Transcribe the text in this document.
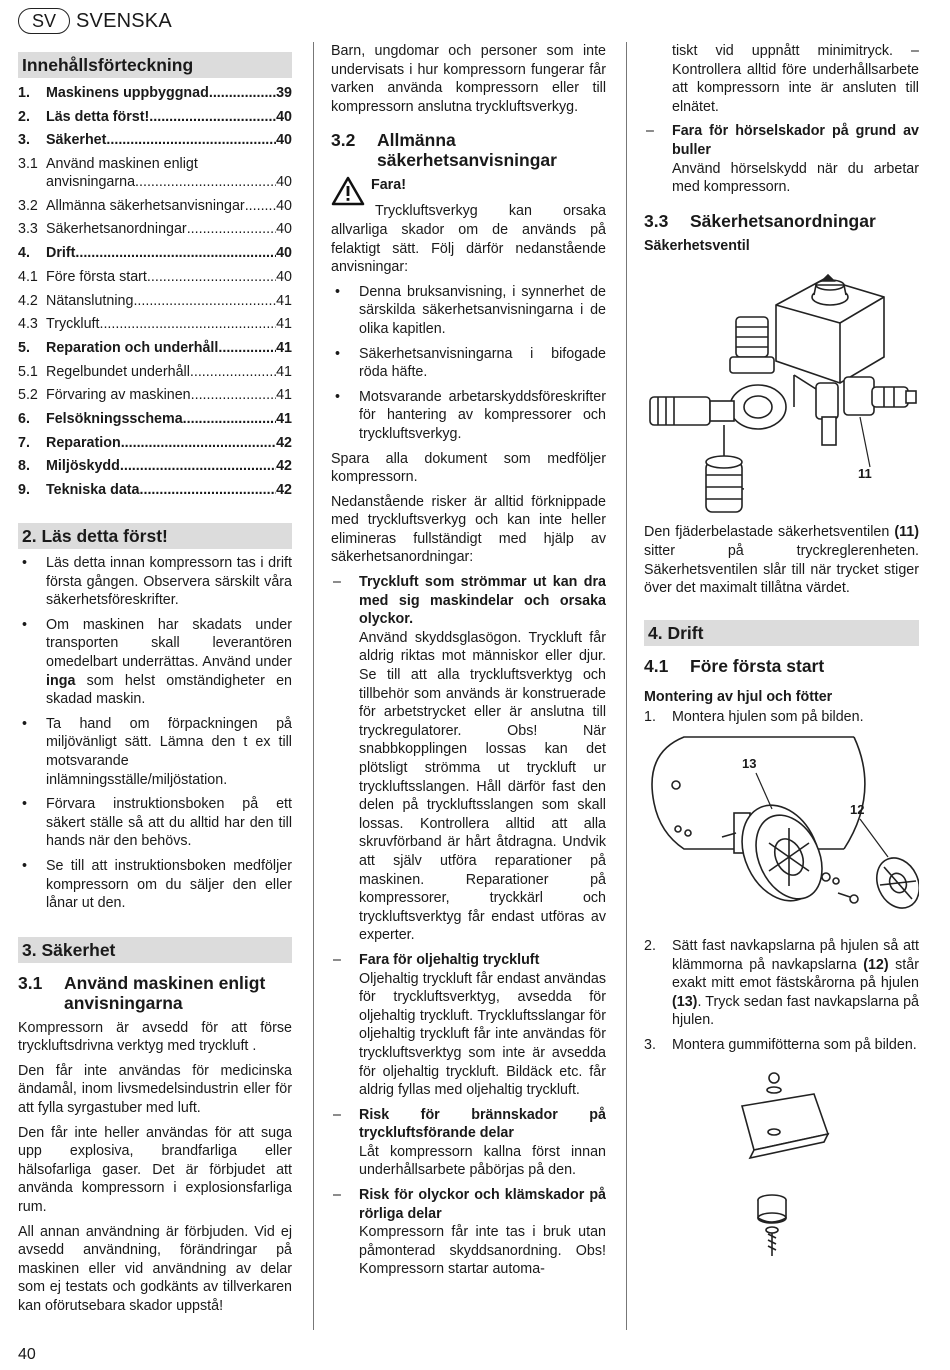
SV	SVENSKA
Innehållsförteckning
1.	Maskinens uppbyggnad .....	39
2.	Läs detta först! .....	40
3.	Säkerhet .....	40
3.1 Använd maskinen enligt
anvisningarna .....	40
3.2 Allmänna säkerhetsanvisningar ..... 40
3.3 Säkerhetsanordningar .....	40
4.	Drift .....	40
4.1 Före första start .....	40
4.2 Nätanslutning .....	41
4.3 Tryckluft .....	41
5.	Reparation och underhåll .....	41
5.1 Regelbundet underhåll .....	41
5.2 Förvaring av maskinen .....	41
6.	Felsökningsschema .....	41
7.	Reparation .....	42
8.	Miljöskydd .....	42
9.	Tekniska data .....	42
2. Läs detta först!
•	Läs detta innan kompressorn tas i drift första gången. Observera särskilt våra säkerhetsföreskrifter.
•	Om maskinen har skadats under transporten skall leverantören omedelbart underrättas. Använd under inga som helst omständigheter en skadad maskin.
•	Ta hand om förpackningen på miljövänligt sätt. Lämna den t ex till motsvarande inlämningsställe/miljöstation.
•	Förvara instruktionsboken på ett säkert ställe så att du alltid har den till hands när den behövs.
•	Se till att instruktionsboken medföljer kompressorn om du säljer den eller lånar ut den.
3. Säkerhet
3.1	Använd maskinen enligt anvisningarna

Kompressorn är avsedd för att förse tryckluftsdrivna verktyg med tryckluft .

Den får inte användas för medicinska ändamål, inom livsmedelsindustrin eller för att fylla syrgastuber med luft.

Den får inte heller användas för att suga upp explosiva, brandfarliga eller hälsofarliga gaser. Det är förbjudet att använda kompressorn i explosionsfarliga rum.

All annan användning är förbjuden. Vid ej avsedd användning, förändringar på maskinen eller vid användning av delar som ej testats och godkänts av tillverkaren kan oförutsebara skador uppstå!

Barn, ungdomar och personer som inte undervisats i hur kompressorn fungerar får varken använda kompressorn eller till kompressorn anslutna tryckluftsverkyg.

3.2	Allmänna säkerhetsanvisningar
Fara!

Tryckluftsverkyg kan orsaka allvarliga skador om de används på felaktigt sätt. Följ därför nedanstående anvisningar:

•	Denna bruksanvisning, i synnerhet de särskilda säkerhetsanvisningarna i de olika kapitlen.
•	Säkerhetsanvisningarna i bifogade röda häfte.
•	Motsvarande arbetarskyddsföreskrifter för hantering av kompressorer och tryckluftsverkyg.

Spara alla dokument som medföljer kompressorn.

Nedanstående risker är alltid förknippade med tryckluftsverkyg och kan inte heller elimineras fullständigt med hjälp av säkerhetsanordningar:

–	Tryckluft som strömmar ut kan dra med sig maskindelar och orsaka olyckor.
Använd skyddsglasögon. Tryckluft får aldrig riktas mot människor eller djur. Se till att alla tryckluftsverktyg och tillbehör som används är konstruerade för arbetstrycket eller är anslutna till tryckregulatorer. Obs! När snabbkopplingen lossas kan det plötsligt strömma ut tryckluft ur tryckluftsslangen. Håll därför fast den delen på tryckluftsslangen som skall lossas. Kontrollera alltid att alla skruvförband är hårt åtdragna. Undvik att själv utföra reparationer på maskinen. Reparationer på kompressorer, tryckkärl och tryckluftsverktyg får endast utföras av experter.
–	Fara för oljehaltig tryckluft
Oljehaltig tryckluft får endast användas för tryckluftsverktyg, avsedda för oljehaltig tryckluft. Tryckluftsslangar för oljehaltig tryckluft får inte användas för tryckluftsverktyg som inte är avsedda för oljehaltig tryckluft. Bildäck etc. får aldrig fyllas med oljehaltig tryckluft.
–	Risk för brännskador på tryckluftsförande delar
Låt kompressorn kallna först innan underhållsarbete påbörjas på den.
–	Risk för olyckor och klämskador på rörliga delar
Kompressorn får inte tas i bruk utan påmonterad skyddsanordning. Obs! Kompressorn startar automa-

tiskt vid uppnått minimitryck. – Kontrollera alltid före underhållsarbete att kompressorn inte är ansluten till elnätet.

–	Fara för hörselskador på grund av buller
Använd hörselskydd när du arbetar med kompressorn.
3.3	Säkerhetsanordningar
Säkerhetsventil
11

Den fjäderbelastade säkerhetsventilen (11) sitter på tryckreglerenheten. Säkerhetsventilen slår till när trycket stiger över det maximalt tillåtna värdet.

4. Drift
4.1	Före första start
Montering av hjul och fötter
1.	Montera hjulen som på bilden.
13
12
2.	Sätt fast navkapslarna på hjulen så att klämmorna på navkapslarna (12) står exakt mitt emot fästskårorna på hjulen (13). Tryck sedan fast navkapslarna på hjulen.
3.	Montera gummifötterna som på bilden.
40
